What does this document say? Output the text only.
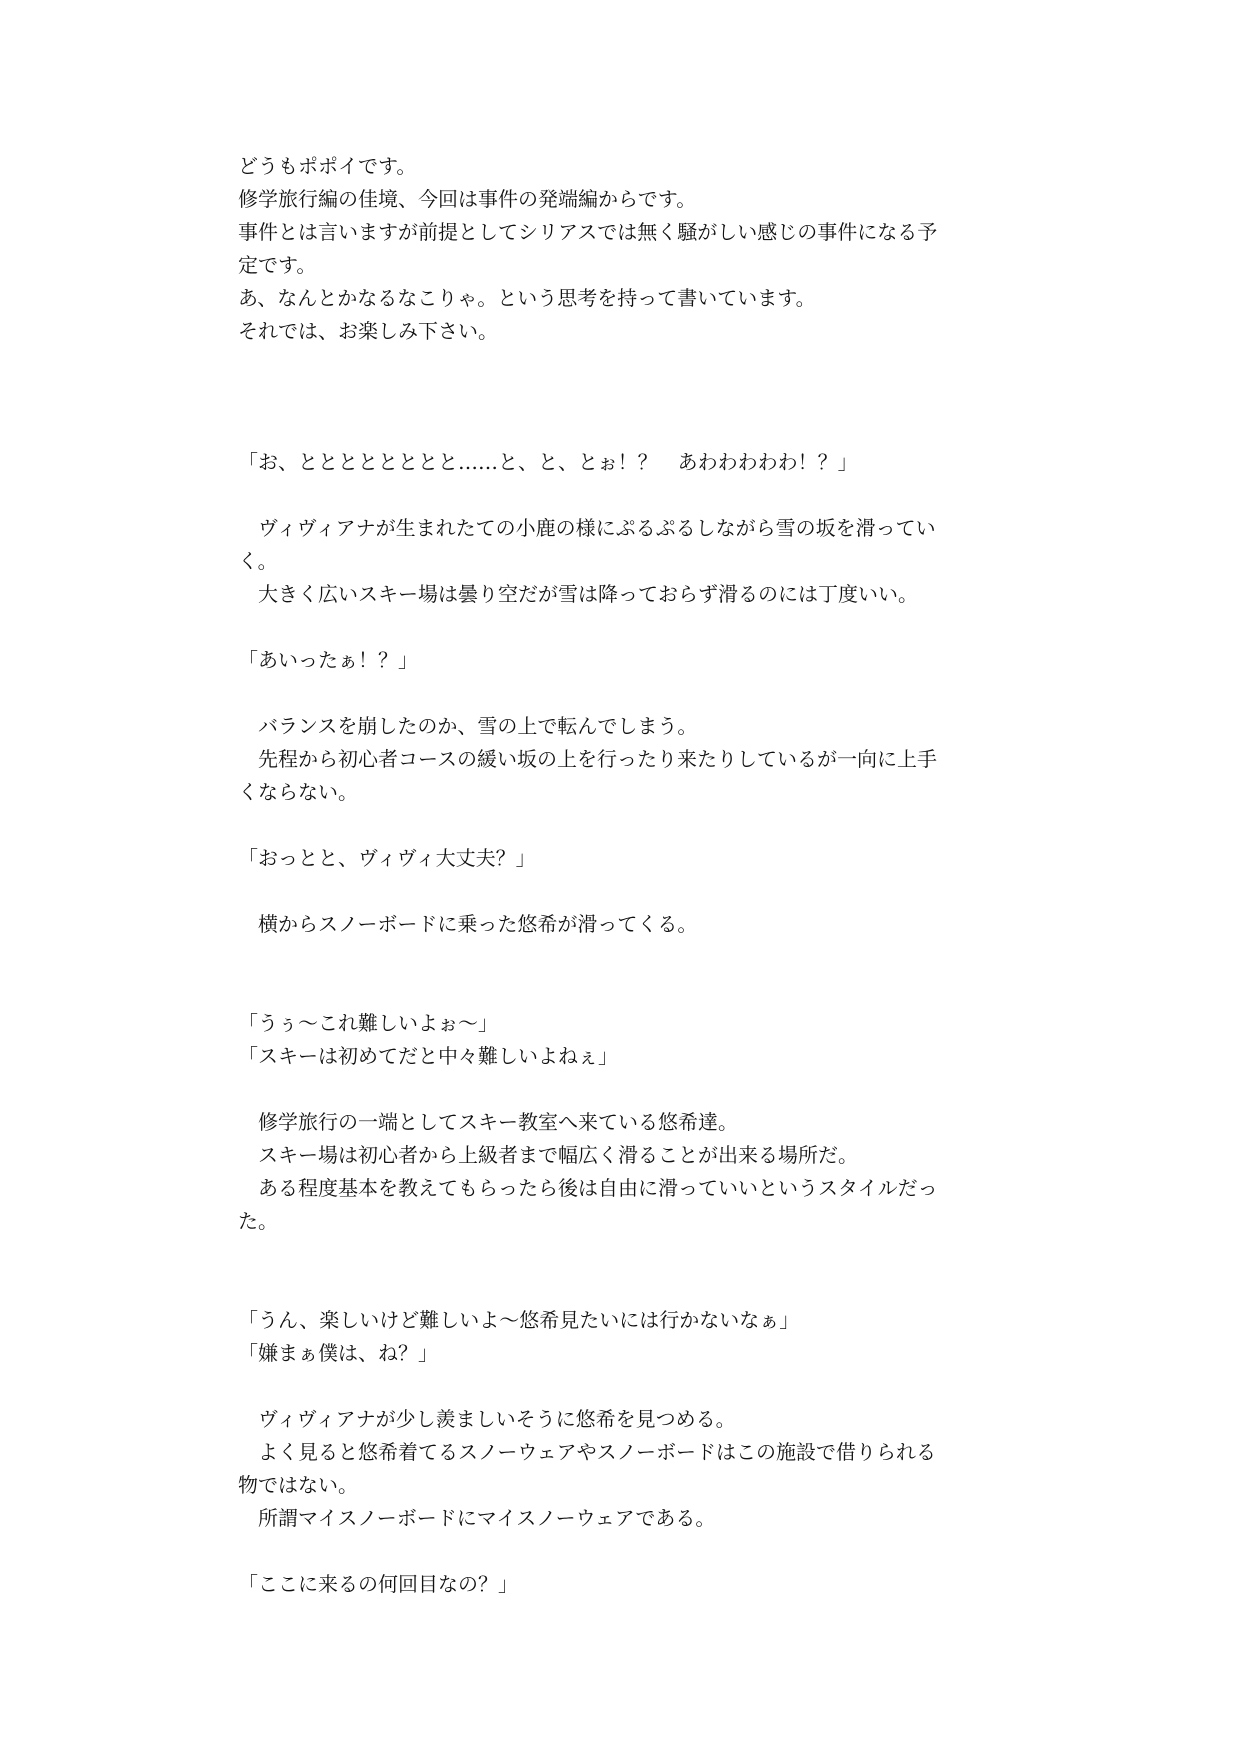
どうもポポイです。
修学旅行編の佳境、今回は事件の発端編からです。
事件とは言いますが前提としてシリアスでは無く騒がしい感じの事件になる予
定です。
あ、なんとかなるなこりゃ。という思考を持って書いています。
それでは、お楽しみ下さい。
「お、とととととととと……と、と、とぉ！？　あわわわわわ！？」
　ヴィヴィアナが生まれたての小鹿の様にぷるぷるしながら雪の坂を滑ってい
く。
　大きく広いスキー場は曇り空だが雪は降っておらず滑るのには丁度いい。
「あいったぁ！？」
　バランスを崩したのか、雪の上で転んでしまう。
　先程から初心者コースの緩い坂の上を行ったり来たりしているが一向に上手
くならない。
「おっとと、ヴィヴィ大丈夫？」
　横からスノーボードに乗った悠希が滑ってくる。
「うぅ〜これ難しいよぉ〜」
「スキーは初めてだと中々難しいよねぇ」
　修学旅行の一端としてスキー教室へ来ている悠希達。
　スキー場は初心者から上級者まで幅広く滑ることが出来る場所だ。
　ある程度基本を教えてもらったら後は自由に滑っていいというスタイルだっ
た。
「うん、楽しいけど難しいよ〜悠希見たいには行かないなぁ」
「嫌まぁ僕は、ね？」
　ヴィヴィアナが少し羨ましいそうに悠希を見つめる。
　よく見ると悠希着てるスノーウェアやスノーボードはこの施設で借りられる
物ではない。
　所謂マイスノーボードにマイスノーウェアである。
「ここに来るの何回目なの？」
